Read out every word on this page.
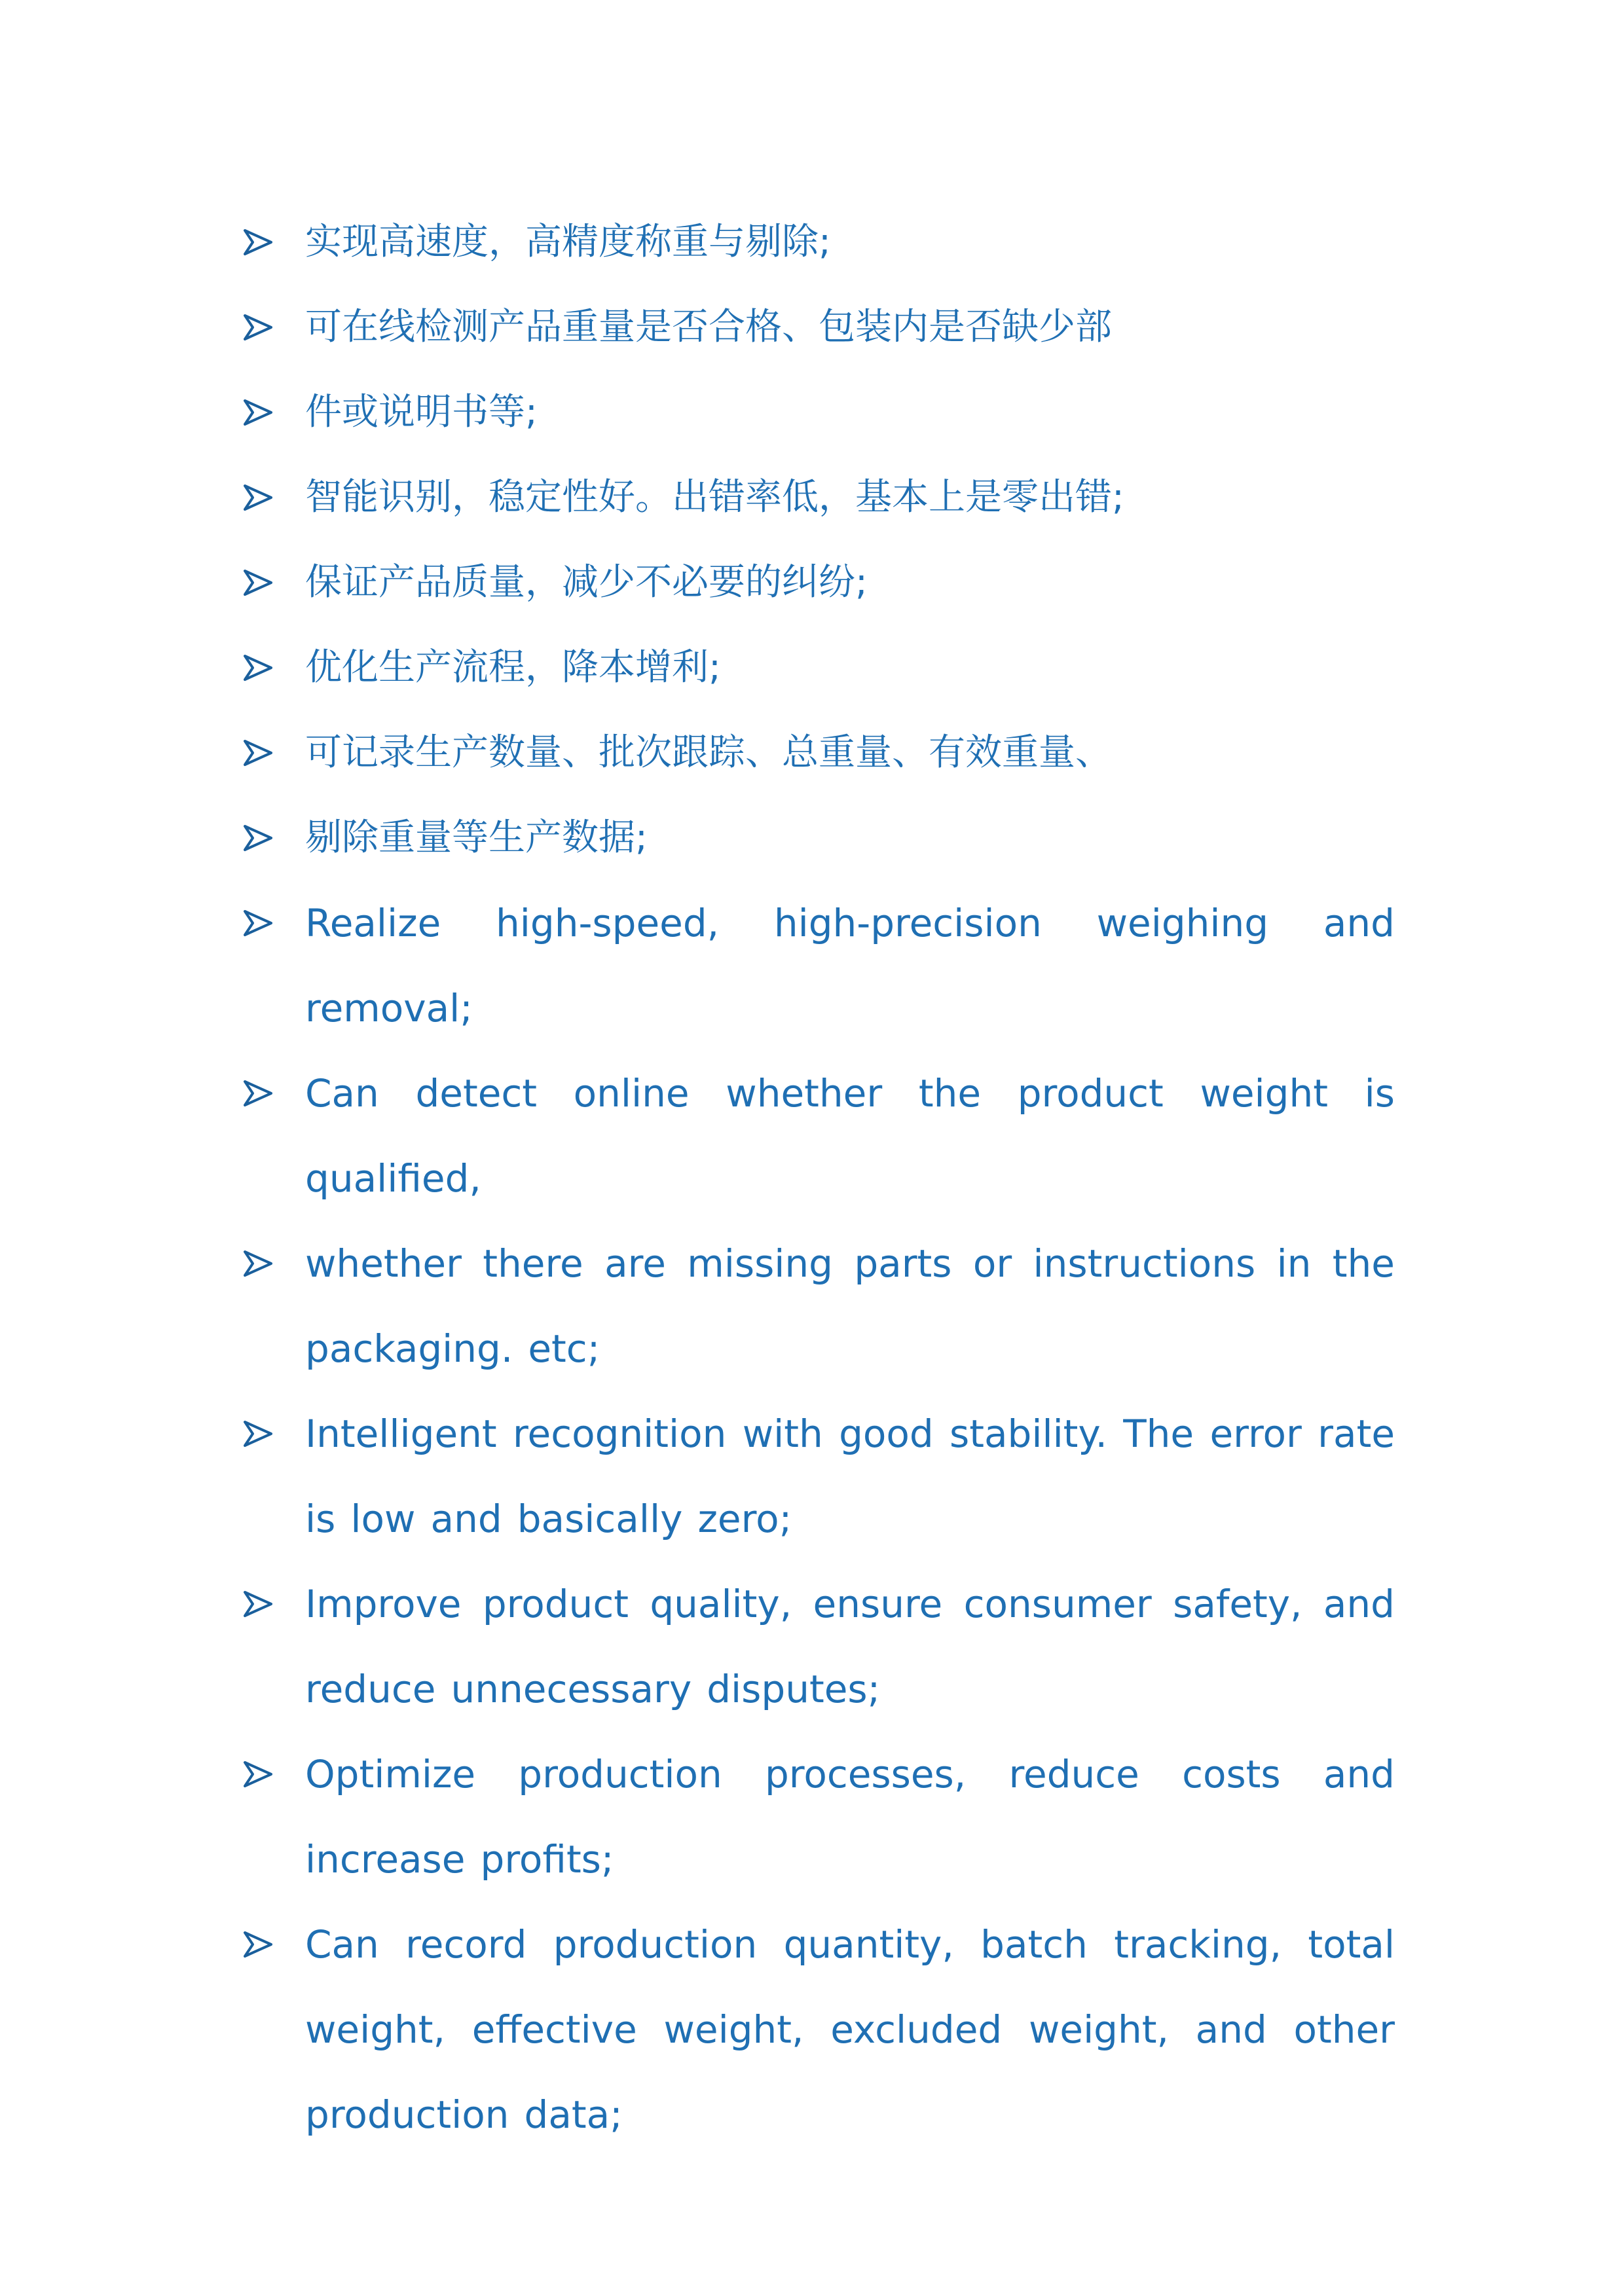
实现高速度，高精度称重与剔除;
可在线检测产品重量是否合格、包装内是否缺少部
件或说明书等;
智能识别，稳定性好。出错率低，基本上是零出错;
保证产品质量，减少不必要的纠纷;
优化生产流程，降本增利;
可记录生产数量、批次跟踪、总重量、有效重量、
剔除重量等生产数据;
Realize high-speed, high-precision weighing and removal;
Can detect online whether the product weight is qualified,
whether there are missing parts or instructions in the packaging. etc;
Intelligent recognition with good stability. The error rate is low and basically zero;
Improve product quality, ensure consumer safety, and reduce unnecessary disputes;
Optimize production processes, reduce costs and increase profits;
Can record production quantity, batch tracking, total weight, effective weight, excluded weight, and other production data;
